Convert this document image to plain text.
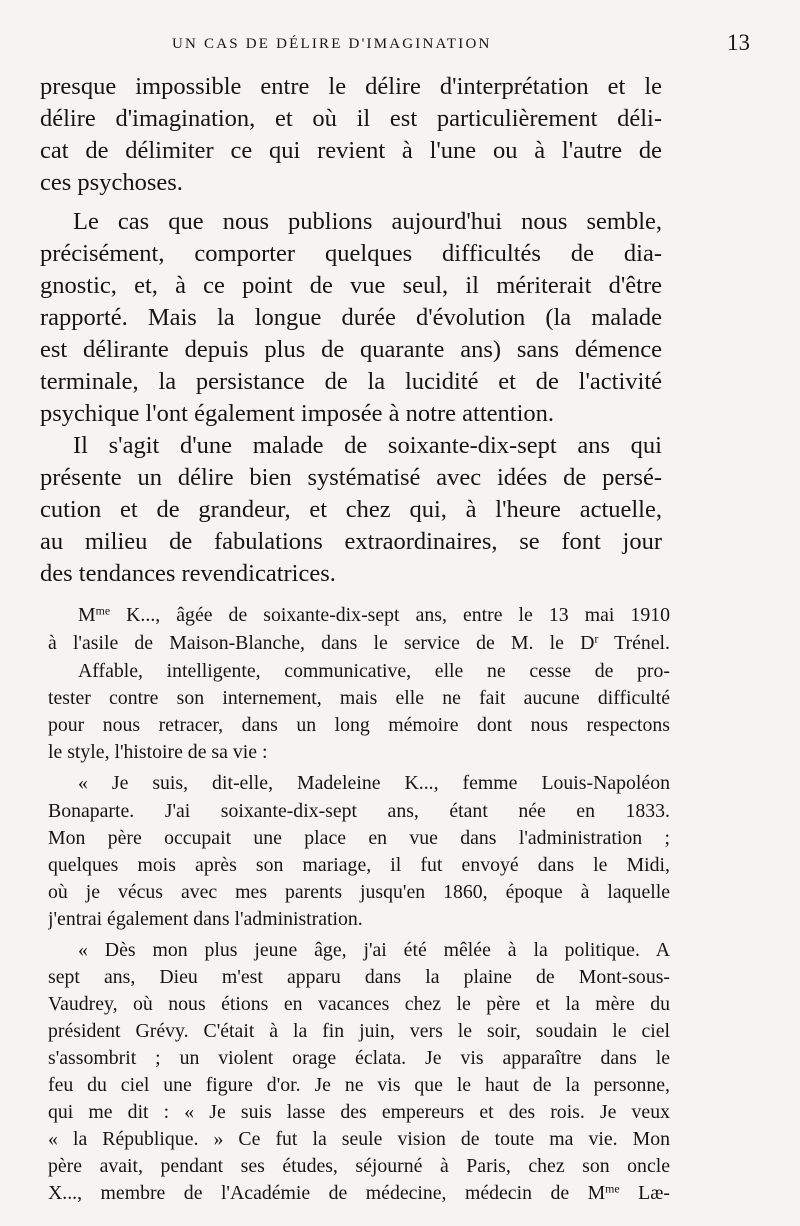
UN CAS DE DÉLIRE D'IMAGINATION	13
presque impossible entre le délire d'interprétation et le
délire d'imagination, et où il est particulièrement déli-
cat de délimiter ce qui revient à l'une ou à l'autre de
ces psychoses.
Le cas que nous publions aujourd'hui nous semble,
précisément, comporter quelques difficultés de dia-
gnostic, et, à ce point de vue seul, il mériterait d'être
rapporté. Mais la longue durée d'évolution (la malade
est délirante depuis plus de quarante ans) sans démence
terminale, la persistance de la lucidité et de l'activité
psychique l'ont également imposée à notre attention.
Il s'agit d'une malade de soixante-dix-sept ans qui
présente un délire bien systématisé avec idées de persé-
cution et de grandeur, et chez qui, à l'heure actuelle,
au milieu de fabulations extraordinaires, se font jour
des tendances revendicatrices.
$M^{me}$ K..., âgée de soixante-dix-sept ans, entre le 13 mai 1910
à l'asile de Maison-Blanche, dans le service de M. le $D^r$ Trénel.
Affable, intelligente, communicative, elle ne cesse de pro-
tester contre son internement, mais elle ne fait aucune difficulté
pour nous retracer, dans un long mémoire dont nous respectons
le style, l'histoire de sa vie :
« Je suis, dit-elle, Madeleine K..., femme Louis-Napoléon
Bonaparte. J'ai soixante-dix-sept ans, étant née en 1833.
Mon père occupait une place en vue dans l'administration ;
quelques mois après son mariage, il fut envoyé dans le Midi,
où je vécus avec mes parents jusqu'en 1860, époque à laquelle
j'entrai également dans l'administration.
« Dès mon plus jeune âge, j'ai été mêlée à la politique. A
sept ans, Dieu m'est apparu dans la plaine de Mont-sous-
Vaudrey, où nous étions en vacances chez le père et la mère du
président Grévy. C'était à la fin juin, vers le soir, soudain le ciel
s'assombrit ; un violent orage éclata. Je vis apparaître dans le
feu du ciel une figure d'or. Je ne vis que le haut de la personne,
qui me dit : « Je suis lasse des empereurs et des rois. Je veux
« la République. » Ce fut la seule vision de toute ma vie. Mon
père avait, pendant ses études, séjourné à Paris, chez son oncle
X..., membre de l'Académie de médecine, médecin de $M^{me}$ Læ-
